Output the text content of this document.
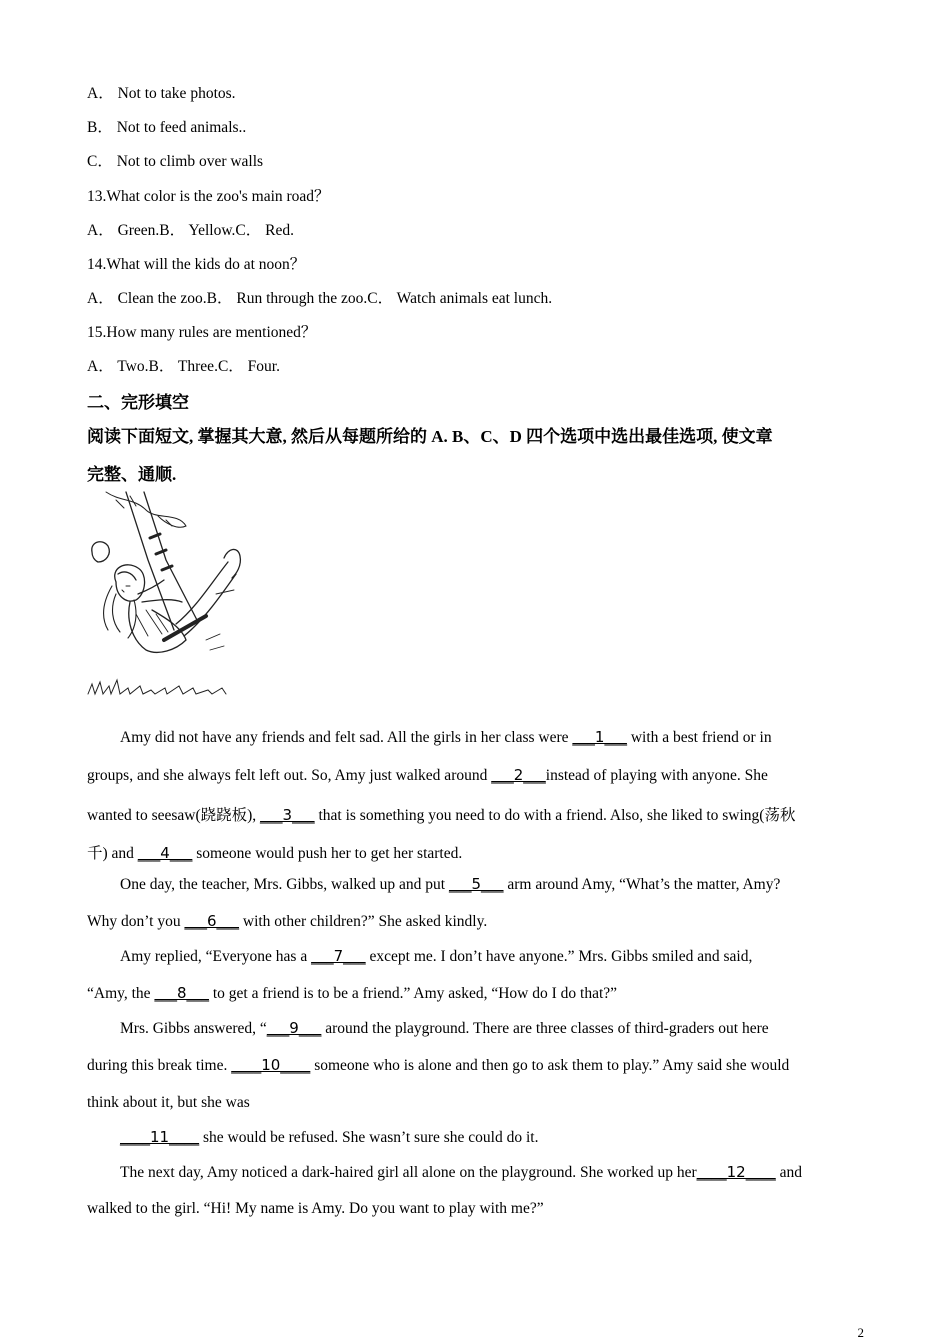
A． Not to take photos.
B． Not to feed animals..
C． Not to climb over walls
13.What color is the zoo's main road？
A． Green.B． Yellow.C． Red.
14.What will the kids do at noon？
A． Clean the zoo.B． Run through the zoo.C． Watch animals eat lunch.
15.How many rules are mentioned？
A． Two.B． Three.C． Four.
二、完形填空
阅读下面短文, 掌握其大意, 然后从每题所给的 A. B、C、D 四个选项中选出最佳选项, 使文章
完整、通顺.
Amy did not have any friends and felt sad. All the girls in her class were ___1___ with a best friend or in
groups, and she always felt left out. So, Amy just walked around ___2___instead of playing with anyone. She
wanted to seesaw(跷跷板), ___3___ that is something you need to do with a friend. Also, she liked to swing(荡秋
千) and ___4___ someone would push her to get her started.
One day, the teacher, Mrs. Gibbs, walked up and put ___5___ arm around Amy, “What’s the matter, Amy?
Why don’t you ___6___ with other children?” She asked kindly.
Amy replied, “Everyone has a ___7___ except me. I don’t have anyone.” Mrs. Gibbs smiled and said,
“Amy, the ___8___ to get a friend is to be a friend.” Amy asked, “How do I do that?”
Mrs. Gibbs answered, “___9___ around the playground. There are three classes of third-graders out here
during this break time. ____10____ someone who is alone and then go to ask them to play.” Amy said she would
think about it, but she was
____11____ she would be refused. She wasn’t sure she could do it.
The next day, Amy noticed a dark-haired girl all alone on the playground. She worked up her____12____ and
walked to the girl. “Hi! My name is Amy. Do you want to play with me?”
2
